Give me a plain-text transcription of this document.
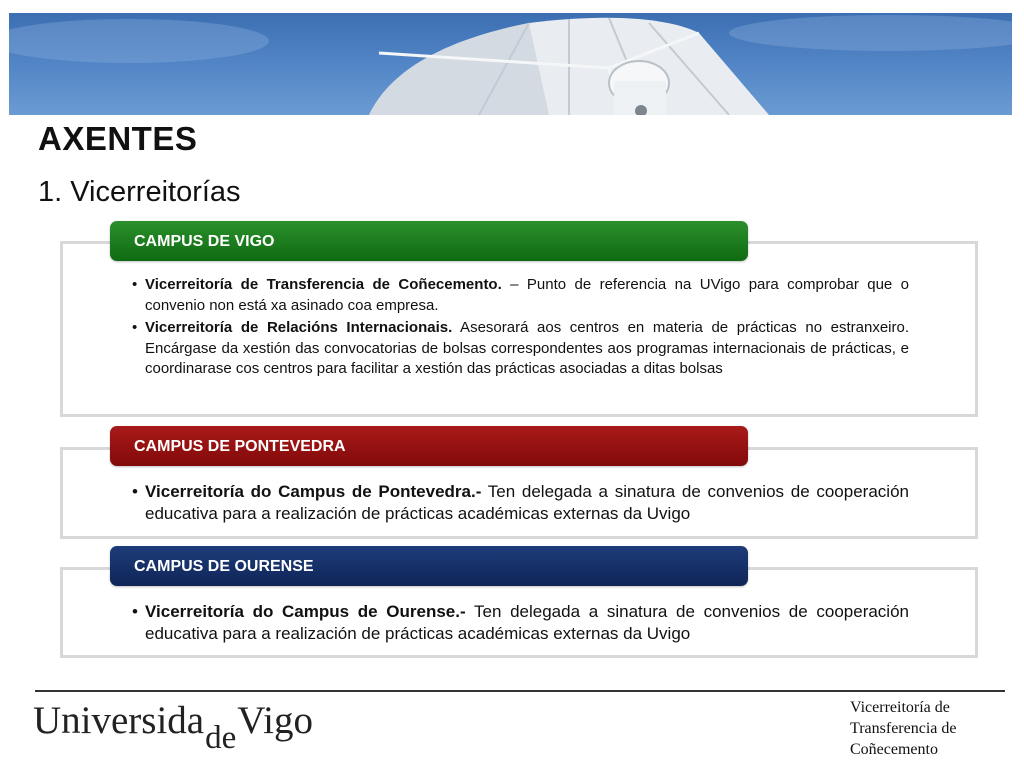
AXENTES
1. Vicerreitorías
CAMPUS DE VIGO
• Vicerreitoría de Transferencia de Coñecemento. – Punto de referencia na UVigo para comprobar que o convenio non está xa asinado coa empresa.
• Vicerreitoría de Relacións Internacionais. Asesorará aos centros en materia de prácticas no estranxeiro. Encárgase da xestión das convocatorias de bolsas correspondentes aos programas internacionais de prácticas, e coordinarase cos centros para facilitar a xestión das prácticas asociadas a ditas bolsas
CAMPUS DE PONTEVEDRA
• Vicerreitoría do Campus de Pontevedra.- Ten delegada a sinatura de convenios de cooperación educativa para a realización de prácticas académicas externas da Uvigo
CAMPUS DE OURENSE
• Vicerreitoría do Campus de Ourense.- Ten delegada a sinatura de convenios de cooperación educativa para a realización de prácticas académicas externas da Uvigo
Universida$_{de}$Vigo	Vicerreitoría de
Transferencia de
Coñecemento
